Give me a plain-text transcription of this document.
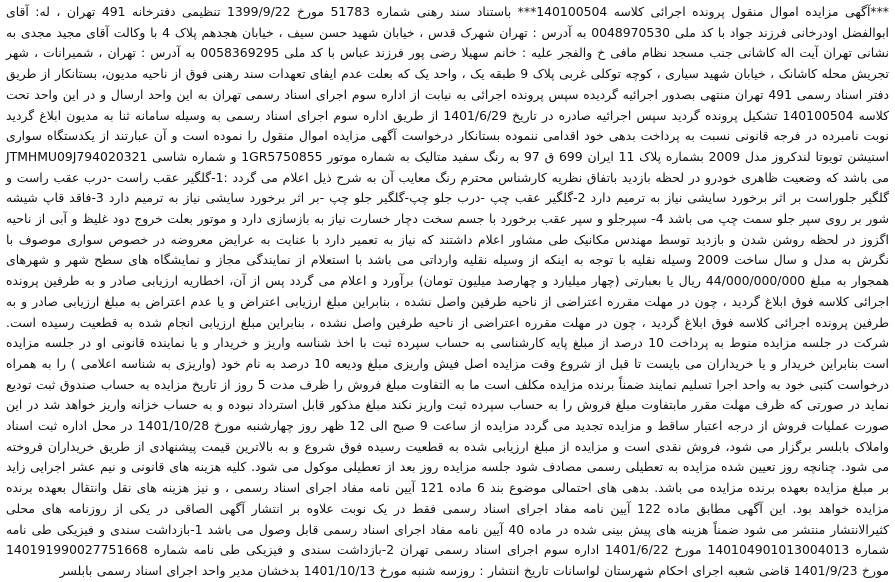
***آگهی مزایده اموال منقول پرونده اجرائی کلاسه 140100504*** باستناد سند رهنی شماره 51783 مورخ 1399/9/22 تنظیمی دفترخانه 491 تهران ، له: آقای ابوالفضل اودرخانی فرزند جواد با کد ملی 0048970530 به آدرس : تهران شهرک قدس ، خیابان شهید حسن سیف ، خیابان هجدهم پلاک 4 با وکالت آقای مجید مجدی به نشانی تهران آیت اله کاشانی جنب مسجد نظام مافی خ والفجر علیه : خانم سهیلا رضی پور فرزند عباس با کد ملی 0058369295 به آدرس : تهران ، شمیرانات ، شهر تجریش محله کاشانک ، خیابان شهید سیاری ، کوچه توکلی غربی پلاک 9 طبقه یک ، واحد یک که بعلت عدم ایفای تعهدات سند رهنی فوق از ناحیه مدیون، بستانکار از طریق دفتر اسناد رسمی 491 تهران منتهی بصدور اجرائیه گردیده سپس پرونده اجرائی به نیابت از اداره سوم اجرای اسناد رسمی تهران به این واحد ارسال و در این واحد تحت کلاسه 140100504 تشکیل پرونده گردید سپس اجرائیه صادره در تاریخ 1401/6/29 از طریق اداره سوم اجرای اسناد رسمی به وسیله سامانه ثنا به مدیون ابلاغ گردید نوبت نامبرده در فرجه قانونی نسبت به پرداخت بدهی خود اقدامی ننموده بستانکار درخواست آگهی مزایده اموال منقول را نموده است و آن عبارتند از یکدستگاه سواری استیشن تویوتا لندکروز مدل 2009 بشماره پلاک 11 ایران 699 ق 97 به رنگ سفید متالیک به شماره موتور 1GR5750855 و شماره شاسی JTMHMU09J794020321 می باشد که وضعیت ظاهری خودرو در لحظه بازدید باتفاق نظریه کارشناس محترم رنگ معایب آن به شرح ذیل اعلام می گردد :1-گلگیر عقب راست -درب عقب راست و گلگیر جلوراست بر اثر برخورد سایشی نیاز به ترمیم دارد 2-گلگیر عقب چپ -درب جلو چپ-گلگیر جلو چپ -بر اثر برخورد سایشی نیاز به ترمیم دارد 3-فاقد قاپ شیشه شور بر روی سپر جلو سمت چپ می باشد 4- سپرجلو و سپر عقب برخورد با جسم سخت دچار خسارت نیاز به بازسازی دارد و موتور بعلت خروج دود غلیظ و آبی از ناحیه اگزوز در لحظه روشن شدن و بازدید توسط مهندس مکانیک طی مشاور اعلام داشتند که نیاز به تعمیر دارد با عنایت به عرایض معروضه در خصوص سواری موصوف با نگرش به مدل و سال ساخت 2009 وسیله نقلیه با توجه به اینکه از وسیله نقلیه وارداتی می باشد با استعلام از نمایندگی مجاز و نمایشگاه های سطح شهر و شهرهای همجوار به مبلغ 44/000/000/000 ریال یا بعبارتی (چهار میلیارد و چهارصد میلیون تومان) برآورد و اعلام می گردد پس از آن، اخطاریه ارزیابی صادر و به طرفین پرونده اجرائی کلاسه فوق ابلاغ گردید ، چون در مهلت مقرره اعتراضی از ناحیه طرفین واصل نشده ، بنابراین مبلغ ارزیابی اعتراض و یا عدم اعتراض به مبلغ ارزیابی صادر و به طرفین پرونده اجرائی کلاسه فوق ابلاغ گردید ، چون در مهلت مقرره اعتراضی از ناحیه طرفین واصل نشده ، بنابراین مبلغ ارزیابی انجام شده به قطعیت رسیده است. شرکت در جلسه مزایده منوط به پرداخت 10 درصد از مبلغ پایه کارشناسی به حساب سپرده ثبت با اخذ شناسه واریز و خریدار و یا نماینده قانونی او در جلسه مزایده است بنابراین خریدار و یا خریداران می بایست تا قبل از شروع وقت مزایده اصل فیش واریزی مبلغ ودیعه 10 درصد به نام خود (واریزی به شناسه اعلامی ) را به همراه درخواست کتبی خود به واحد اجرا تسلیم نمایند ضمناً برنده مزایده مکلف است ما به التفاوت مبلغ فروش را ظرف مدت 5 روز از تاریخ مزایده به حساب صندوق ثبت تودیع نماید در صورتی که ظرف مهلت مقرر مابتفاوت مبلغ فروش را به حساب سپرده ثبت واریز نکند مبلغ مذکور قابل استرداد نبوده و به حساب خزانه واریز خواهد شد در این صورت عملیات فروش از درجه اعتبار ساقط و مزایده تجدید می گردد مزایده از ساعت 9 صبح الی 12 ظهر روز چهارشنبه مورخ 1401/10/28 در محل اداره ثبت اسناد واملاک بابلسر برگزار می شود، فروش نقدی است و مزایده از مبلغ ارزیابی شده به قطعیت رسیده فوق شروع و به بالاترین قیمت پیشنهادی از طریق خریداران فروخته می شود. چنانچه روز تعیین شده مزایده به تعطیلی رسمی مصادف شود جلسه مزایده روز بعد از تعطیلی موکول می شود. کلیه هزینه های قانونی و نیم عشر اجرایی زاید بر مبلغ مزایده بعهده برنده مزایده می باشد. بدهی های احتمالی موضوع بند 6 ماده 121 آیین نامه مفاد اجرای اسناد رسمی ، و نیز هزینه های نقل وانتقال بعهده برنده مزایده خواهد بود. این آگهی مطابق ماده 122 آیین نامه مفاد اجرای اسناد رسمی فقط در یک نوبت علاوه بر انتشار آگهی الصاقی در یکی از روزنامه های محلی کثیرالانتشار منتشر می شود ضمناً هزینه های پیش بینی شده در ماده 40 آیین نامه مفاد اجرای اسناد رسمی قابل وصول می باشد 1-بازداشت سندی و فیزیکی طی نامه شماره 140104901013004013 مورخ 1401/6/22 اداره سوم اجرای اسناد رسمی تهران 2-بازداشت سندی و فیزیکی طی نامه شماره 140191990027751668 مورخ 1401/9/23 قاضی شعبه اجرای احکام شهرستان لواسانات تاریخ انتشار : روزسه شنبه مورخ 1401/10/13 بدخشان مدیر واحد اجرای اسناد رسمی بابلسر
